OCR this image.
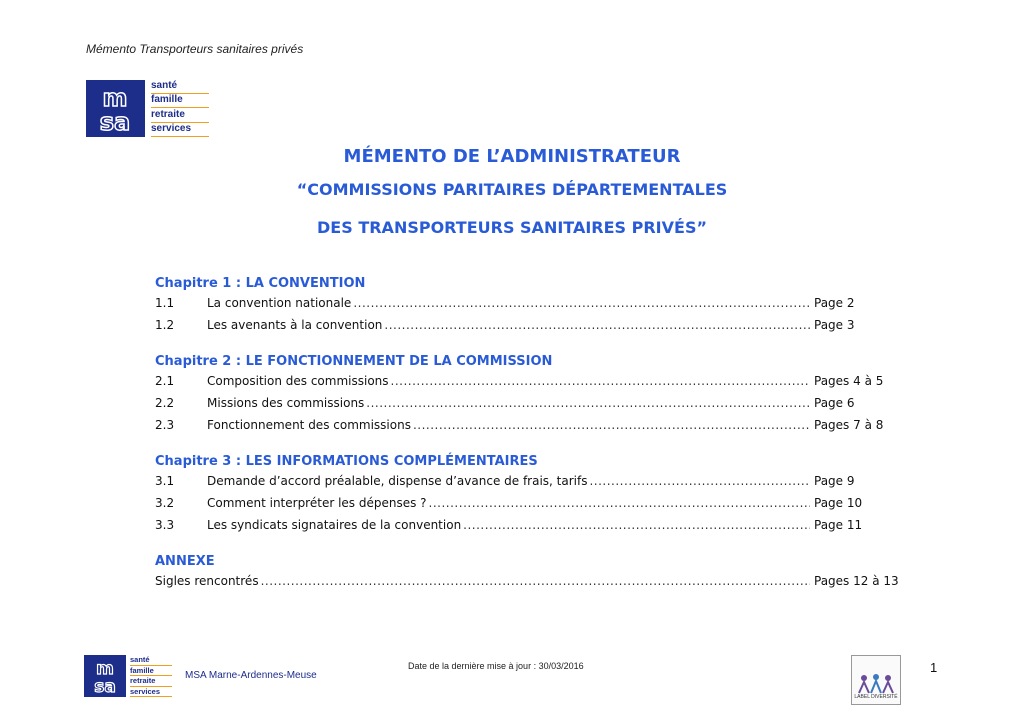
Mémento Transporteurs sanitaires privés
m
sa
santé
famille
retraite
services
MÉMENTO DE L’ADMINISTRATEUR
“COMMISSIONS PARITAIRES DÉPARTEMENTALES
DES TRANSPORTEURS SANITAIRES PRIVÉS”
Chapitre 1 : LA CONVENTION
1.1	La convention nationale .....	Page 2
1.2	Les avenants à la convention .....	Page 3
Chapitre 2 : LE FONCTIONNEMENT DE LA COMMISSION
2.1	Composition des commissions .....	Pages 4 à 5
2.2	Missions des commissions .....	Page 6
2.3	Fonctionnement des commissions .....	Pages 7 à 8
Chapitre 3 : LES INFORMATIONS COMPLÉMENTAIRES
3.1	Demande d’accord préalable, dispense d’avance de frais, tarifs .....	Page 9
3.2	Comment interpréter les dépenses ? .....	Page 10
3.3	Les syndicats signataires de la convention .....	Page 11
ANNEXE
Sigles rencontrés .....	Pages 12 à 13
m
sa
santé
famille
retraite
services
MSA Marne-Ardennes-Meuse
Date de la dernière mise à jour : 30/03/2016
LABEL DIVERSITÉ
1
